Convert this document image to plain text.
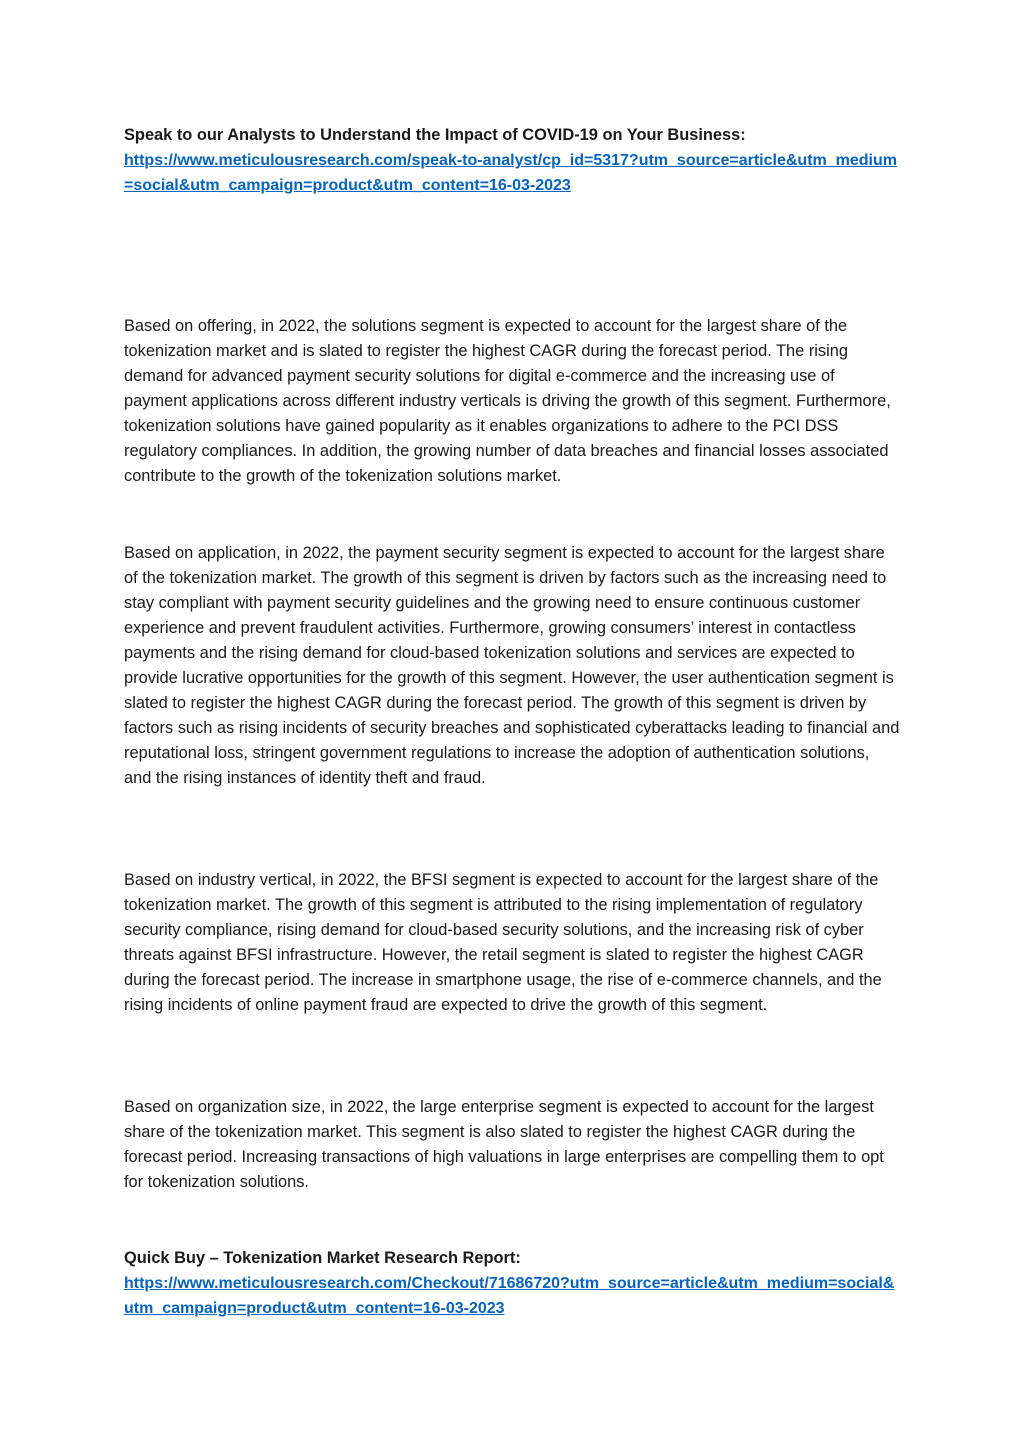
Speak to our Analysts to Understand the Impact of COVID-19 on Your Business:

https://www.meticulousresearch.com/speak-to-analyst/cp_id=5317?utm_source=article&utm_medium=social&utm_campaign=product&utm_content=16-03-2023

Based on offering, in 2022, the solutions segment is expected to account for the largest share of the tokenization market and is slated to register the highest CAGR during the forecast period. The rising demand for advanced payment security solutions for digital e-commerce and the increasing use of payment applications across different industry verticals is driving the growth of this segment. Furthermore, tokenization solutions have gained popularity as it enables organizations to adhere to the PCI DSS regulatory compliances. In addition, the growing number of data breaches and financial losses associated contribute to the growth of the tokenization solutions market.

Based on application, in 2022, the payment security segment is expected to account for the largest share of the tokenization market. The growth of this segment is driven by factors such as the increasing need to stay compliant with payment security guidelines and the growing need to ensure continuous customer experience and prevent fraudulent activities. Furthermore, growing consumers’ interest in contactless payments and the rising demand for cloud-based tokenization solutions and services are expected to provide lucrative opportunities for the growth of this segment. However, the user authentication segment is slated to register the highest CAGR during the forecast period. The growth of this segment is driven by factors such as rising incidents of security breaches and sophisticated cyberattacks leading to financial and reputational loss, stringent government regulations to increase the adoption of authentication solutions, and the rising instances of identity theft and fraud.

Based on industry vertical, in 2022, the BFSI segment is expected to account for the largest share of the tokenization market. The growth of this segment is attributed to the rising implementation of regulatory security compliance, rising demand for cloud-based security solutions, and the increasing risk of cyber threats against BFSI infrastructure. However, the retail segment is slated to register the highest CAGR during the forecast period. The increase in smartphone usage, the rise of e-commerce channels, and the rising incidents of online payment fraud are expected to drive the growth of this segment.

Based on organization size, in 2022, the large enterprise segment is expected to account for the largest share of the tokenization market. This segment is also slated to register the highest CAGR during the forecast period. Increasing transactions of high valuations in large enterprises are compelling them to opt for tokenization solutions.

Quick Buy – Tokenization Market Research Report:

https://www.meticulousresearch.com/Checkout/71686720?utm_source=article&utm_medium=social&utm_campaign=product&utm_content=16-03-2023
